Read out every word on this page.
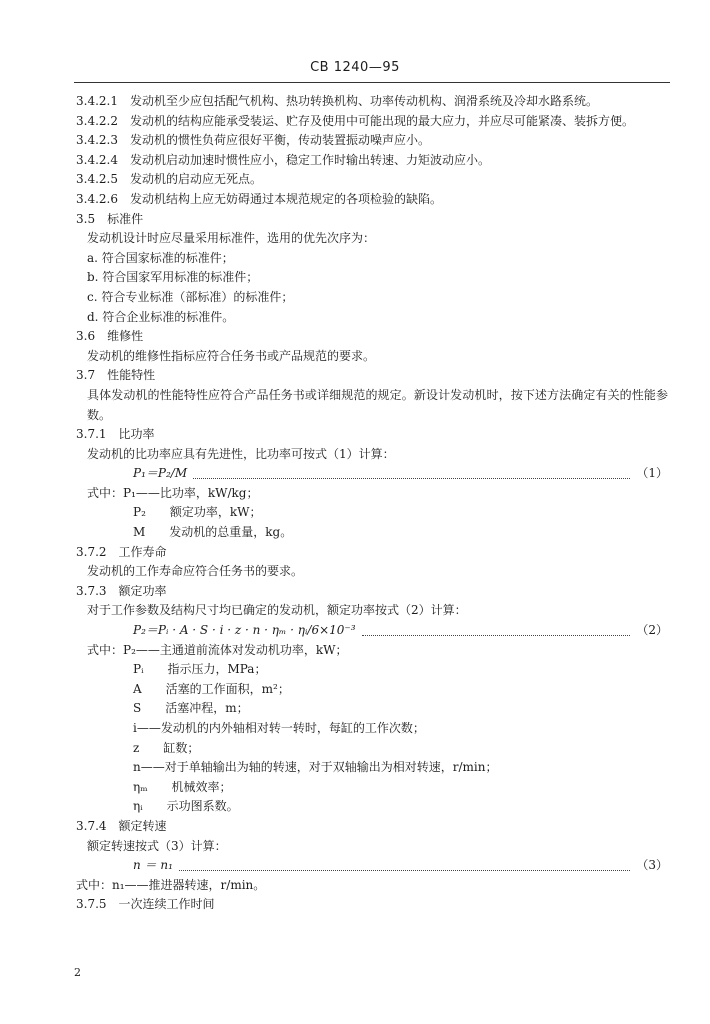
CB 1240—95
3.4.2.1　发动机至少应包括配气机构、热功转换机构、功率传动机构、润滑系统及冷却水路系统。
3.4.2.2　发动机的结构应能承受装运、贮存及使用中可能出现的最大应力，并应尽可能紧凑、装拆方便。
3.4.2.3　发动机的惯性负荷应很好平衡，传动装置振动噪声应小。
3.4.2.4　发动机启动加速时惯性应小，稳定工作时输出转速、力矩波动应小。
3.4.2.5　发动机的启动应无死点。
3.4.2.6　发动机结构上应无妨碍通过本规范规定的各项检验的缺陷。
3.5　标准件
发动机设计时应尽量采用标准件，选用的优先次序为：
a. 符合国家标准的标准件；
b. 符合国家军用标准的标准件；
c. 符合专业标准（部标准）的标准件；
d. 符合企业标准的标准件。
3.6　维修性
发动机的维修性指标应符合任务书或产品规范的要求。
3.7　性能特性
具体发动机的性能特性应符合产品任务书或详细规范的规定。新设计发动机时，按下述方法确定有关的性能参数。
3.7.1　比功率
发动机的比功率应具有先进性，比功率可按式（1）计算：
P₁＝P₂/M	（1）
式中：P₁——比功率，kW/kg；
P₂　　额定功率，kW；
M　　发动机的总重量，kg。
3.7.2　工作寿命
发动机的工作寿命应符合任务书的要求。
3.7.3　额定功率
对于工作参数及结构尺寸均已确定的发动机，额定功率按式（2）计算：
P₂＝Pᵢ · A · S · i · z · n · ηₘ · ηᵢ/6×10⁻³	（2）
式中：P₂——主通道前流体对发动机功率，kW；
Pᵢ　　指示压力，MPa；
A　　活塞的工作面积，m²；
S　　活塞冲程，m；
i——发动机的内外轴相对转一转时，每缸的工作次数；
z　　缸数；
n——对于单轴输出为轴的转速，对于双轴输出为相对转速，r/min；
ηₘ　　机械效率；
ηᵢ　　示功图系数。
3.7.4　额定转速
额定转速按式（3）计算：
n ＝ n₁	（3）
式中：n₁——推进器转速，r/min。
3.7.5　一次连续工作时间
2
